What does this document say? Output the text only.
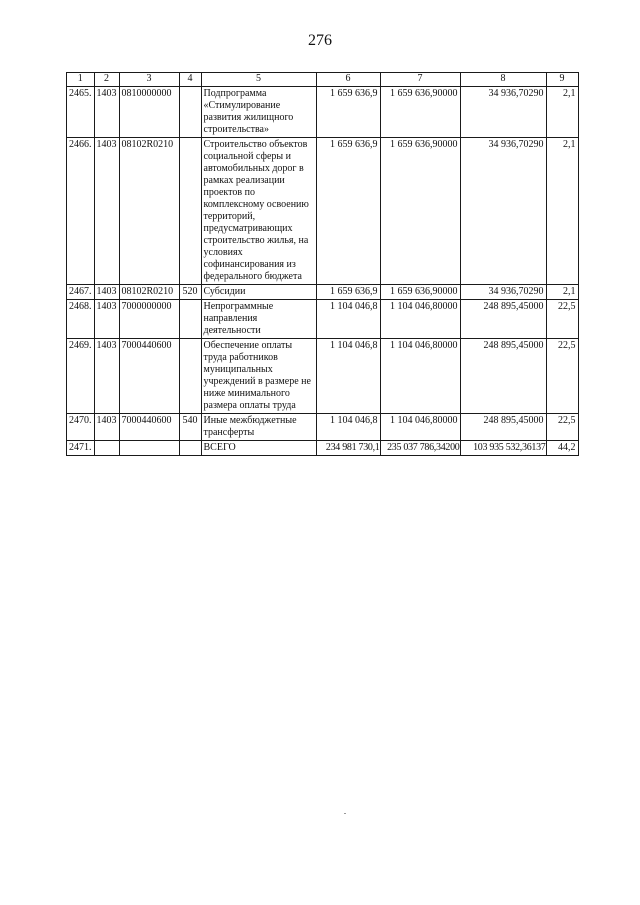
276
1	2	3	4	5	6	7	8	9
2465.	1403	0810000000		Подпрограмма «Стимулирование развития жилищного строительства»	1 659 636,9	1 659 636,90000	34 936,70290	2,1
2466.	1403	08102R0210		Строительство объектов социальной сферы и автомобильных дорог в рамках реализации проектов по комплексному освоению территорий, предусматривающих строительство жилья, на условиях софинансирования из федерального бюджета	1 659 636,9	1 659 636,90000	34 936,70290	2,1
2467.	1403	08102R0210	520	Субсидии	1 659 636,9	1 659 636,90000	34 936,70290	2,1
2468.	1403	7000000000		Непрограммные направления деятельности	1 104 046,8	1 104 046,80000	248 895,45000	22,5
2469.	1403	7000440600		Обеспечение оплаты труда работников муниципальных учреждений в размере не ниже минимального размера оплаты труда	1 104 046,8	1 104 046,80000	248 895,45000	22,5
2470.	1403	7000440600	540	Иные межбюджетные трансферты	1 104 046,8	1 104 046,80000	248 895,45000	22,5
2471.				ВСЕГО	234 981 730,1	235 037 786,34200	103 935 532,36137	44,2
